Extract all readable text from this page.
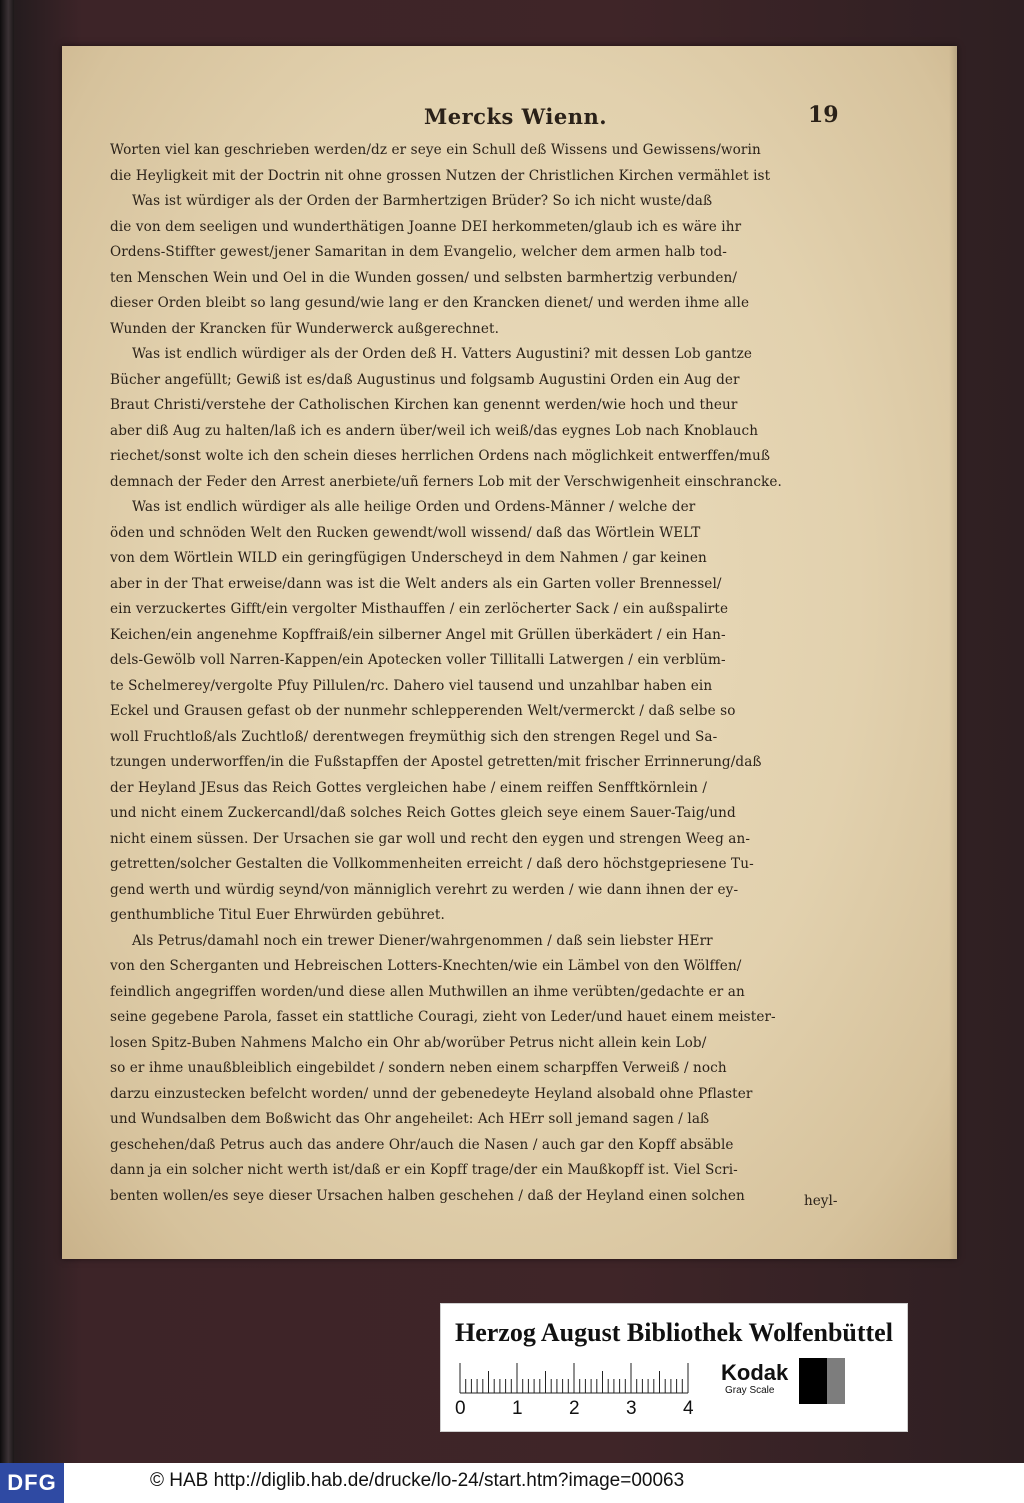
Mercks Wienn.	19
Worten viel kan geschrieben werden/dz er seye ein Schull deß Wissens und Gewissens/worin
die Heyligkeit mit der Doctrin nit ohne grossen Nutzen der Christlichen Kirchen vermählet ist
Was ist würdiger als der Orden der Barmhertzigen Brüder? So ich nicht wuste/daß
die von dem seeligen und wunderthätigen Joanne DEI herkommeten/glaub ich es wäre ihr
Ordens-Stiffter gewest/jener Samaritan in dem Evangelio, welcher dem armen halb tod-
ten Menschen Wein und Oel in die Wunden gossen/ und selbsten barmhertzig verbunden/
dieser Orden bleibt so lang gesund/wie lang er den Krancken dienet/ und werden ihme alle
Wunden der Krancken für Wunderwerck außgerechnet.
Was ist endlich würdiger als der Orden deß H. Vatters Augustini? mit dessen Lob gantze
Bücher angefüllt; Gewiß ist es/daß Augustinus und folgsamb Augustini Orden ein Aug der
Braut Christi/verstehe der Catholischen Kirchen kan genennt werden/wie hoch und theur
aber diß Aug zu halten/laß ich es andern über/weil ich weiß/das eygnes Lob nach Knoblauch
riechet/sonst wolte ich den schein dieses herrlichen Ordens nach möglichkeit entwerffen/muß
demnach der Feder den Arrest anerbiete/uñ ferners Lob mit der Verschwigenheit einschrancke.
Was ist endlich würdiger als alle heilige Orden und Ordens-Männer / welche der
öden und schnöden Welt den Rucken gewendt/woll wissend/ daß das Wörtlein WELT
von dem Wörtlein WILD ein geringfügigen Underscheyd in dem Nahmen / gar keinen
aber in der That erweise/dann was ist die Welt anders als ein Garten voller Brennessel/
ein verzuckertes Gifft/ein vergolter Misthauffen / ein zerlöcherter Sack / ein außspalirte
Keichen/ein angenehme Kopffraiß/ein silberner Angel mit Grüllen überkädert / ein Han-
dels-Gewölb voll Narren-Kappen/ein Apotecken voller Tillitalli Latwergen / ein verblüm-
te Schelmerey/vergolte Pfuy Pillulen/rc. Dahero viel tausend und unzahlbar haben ein
Eckel und Grausen gefast ob der nunmehr schlepperenden Welt/vermerckt / daß selbe so
woll Fruchtloß/als Zuchtloß/ derentwegen freymüthig sich den strengen Regel und Sa-
tzungen underworffen/in die Fußstapffen der Apostel getretten/mit frischer Errinnerung/daß
der Heyland JEsus das Reich Gottes vergleichen habe / einem reiffen Senfftkörnlein /
und nicht einem Zuckercandl/daß solches Reich Gottes gleich seye einem Sauer-Taig/und
nicht einem süssen. Der Ursachen sie gar woll und recht den eygen und strengen Weeg an-
getretten/solcher Gestalten die Vollkommenheiten erreicht / daß dero höchstgepriesene Tu-
gend werth und würdig seynd/von männiglich verehrt zu werden / wie dann ihnen der ey-
genthumbliche Titul Euer Ehrwürden gebühret.
Als Petrus/damahl noch ein trewer Diener/wahrgenommen / daß sein liebster HErr
von den Scherganten und Hebreischen Lotters-Knechten/wie ein Lämbel von den Wölffen/
feindlich angegriffen worden/und diese allen Muthwillen an ihme verübten/gedachte er an
seine gegebene Parola, fasset ein stattliche Couragi, zieht von Leder/und hauet einem meister-
losen Spitz-Buben Nahmens Malcho ein Ohr ab/worüber Petrus nicht allein kein Lob/
so er ihme unaußbleiblich eingebildet / sondern neben einem scharpffen Verweiß / noch
darzu einzustecken befelcht worden/ unnd der gebenedeyte Heyland alsobald ohne Pflaster
und Wundsalben dem Boßwicht das Ohr angeheilet: Ach HErr soll jemand sagen / laß
geschehen/daß Petrus auch das andere Ohr/auch die Nasen / auch gar den Kopff absäble
dann ja ein solcher nicht werth ist/daß er ein Kopff trage/der ein Maußkopff ist. Viel Scri-
benten wollen/es seye dieser Ursachen halben geschehen / daß der Heyland einen solchen	heyl-
Herzog August Bibliothek Wolfenbüttel
0 1 2 3 4
Kodak
Gray Scale
DFG	© HAB http://diglib.hab.de/drucke/lo-24/start.htm?image=00063
